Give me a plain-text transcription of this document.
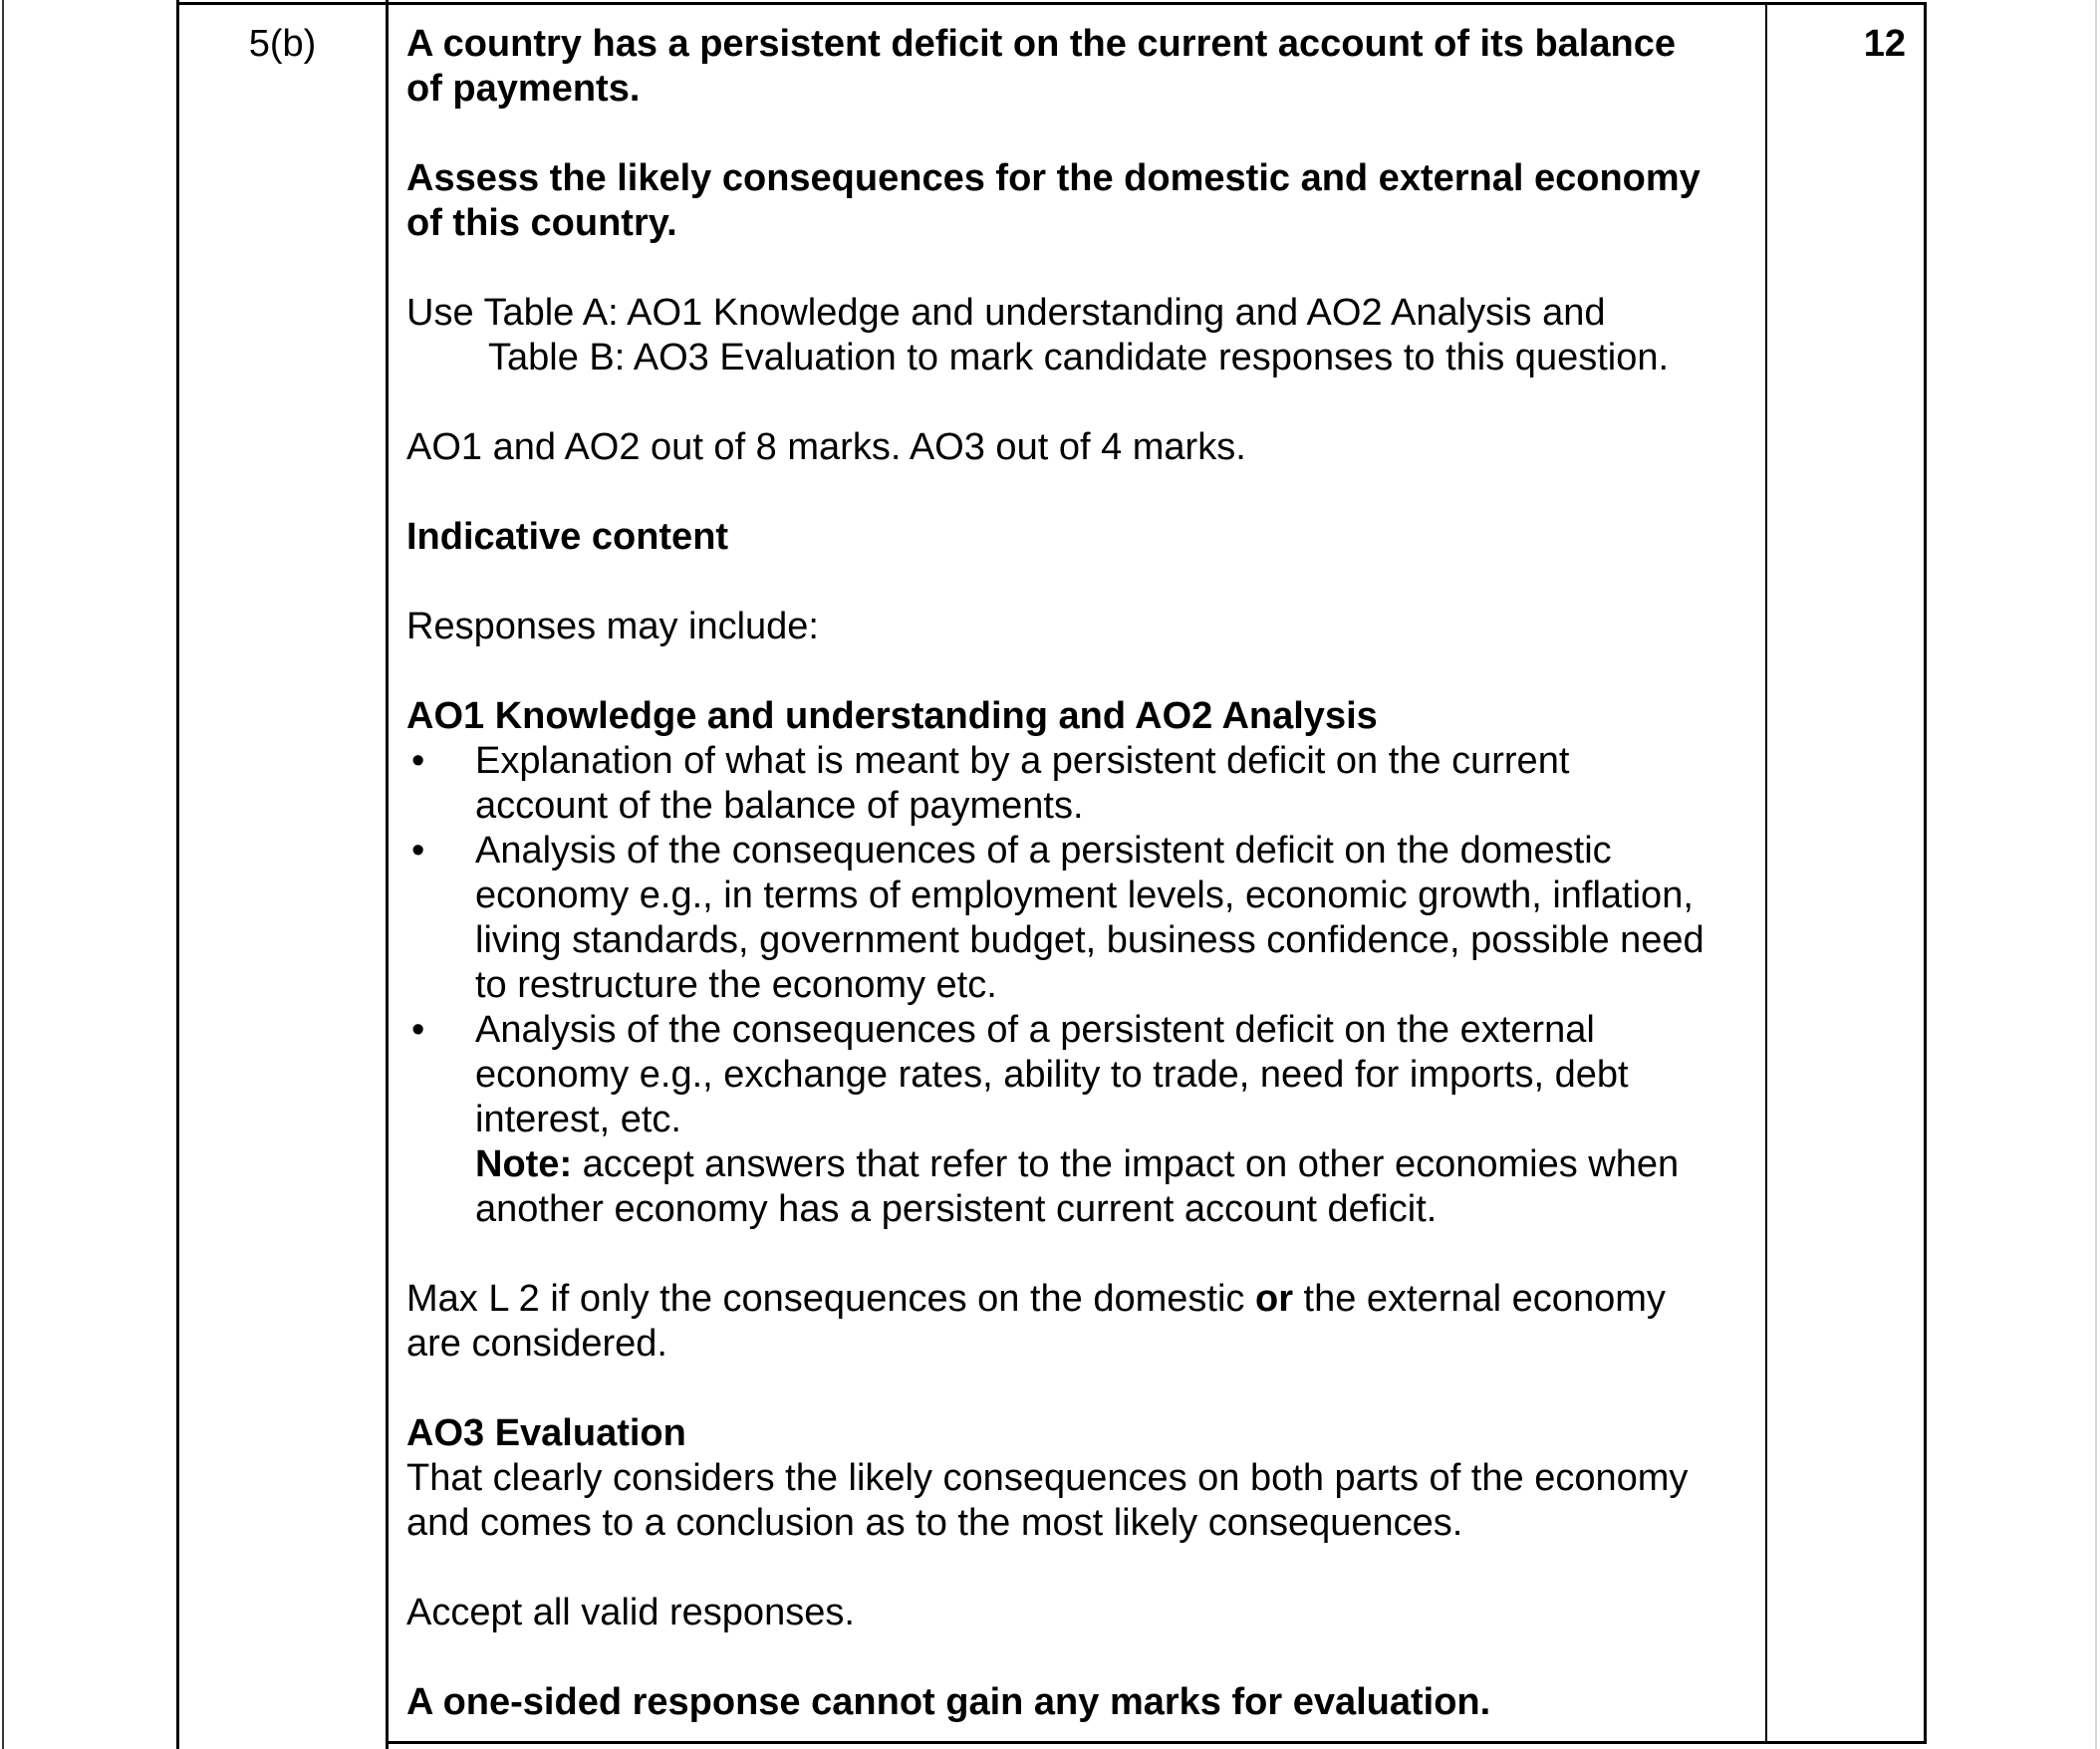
5(b)	12
A country has a persistent deficit on the current account of its balance
of payments.
Assess the likely consequences for the domestic and external economy
of this country.
Use Table A: AO1 Knowledge and understanding and AO2 Analysis and
Table B: AO3 Evaluation to mark candidate responses to this question.
AO1 and AO2 out of 8 marks. AO3 out of 4 marks.
Indicative content
Responses may include:
AO1 Knowledge and understanding and AO2 Analysis
• Explanation of what is meant by a persistent deficit on the current
account of the balance of payments.
• Analysis of the consequences of a persistent deficit on the domestic
economy e.g., in terms of employment levels, economic growth, inflation,
living standards, government budget, business confidence, possible need
to restructure the economy etc.
• Analysis of the consequences of a persistent deficit on the external
economy e.g., exchange rates, ability to trade, need for imports, debt
interest, etc.
Note: accept answers that refer to the impact on other economies when
another economy has a persistent current account deficit.
Max L 2 if only the consequences on the domestic or the external economy
are considered.
AO3 Evaluation
That clearly considers the likely consequences on both parts of the economy
and comes to a conclusion as to the most likely consequences.
Accept all valid responses.
A one-sided response cannot gain any marks for evaluation.
